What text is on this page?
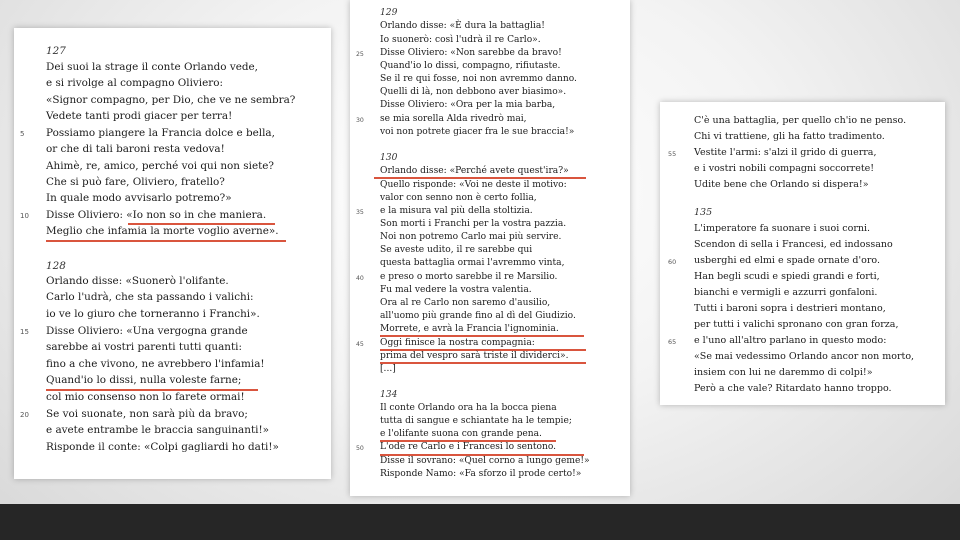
127
Dei suoi la strage il conte Orlando vede,
e si rivolge al compagno Oliviero:
«Signor compagno, per Dio, che ve ne sembra?
Vedete tanti prodi giacer per terra!
5 Possiamo piangere la Francia dolce e bella,
or che di tali baroni resta vedova!
Ahimè, re, amico, perché voi qui non siete?
Che si può fare, Oliviero, fratello?
In quale modo avvisarlo potremo?»
10 Disse Oliviero: «Io non so in che maniera.
Meglio che infamia la morte voglio averne».
128
Orlando disse: «Suonerò l'olifante.
Carlo l'udrà, che sta passando i valichi:
io ve lo giuro che torneranno i Franchi».
15 Disse Oliviero: «Una vergogna grande
sarebbe ai vostri parenti tutti quanti:
fino a che vivono, ne avrebbero l'infamia!
Quand'io lo dissi, nulla voleste farne;
col mio consenso non lo farete ormai!
20 Se voi suonate, non sarà più da bravo;
e avete entrambe le braccia sanguinanti!»
Risponde il conte: «Colpi gagliardi ho dati!»
129
Orlando disse: «È dura la battaglia!
Io suonerò: così l'udrà il re Carlo».
25 Disse Oliviero: «Non sarebbe da bravo!
Quand'io lo dissi, compagno, rifiutaste.
Se il re qui fosse, noi non avremmo danno.
Quelli di là, non debbono aver biasimo».
Disse Oliviero: «Ora per la mia barba,
30 se mia sorella Alda rivedrò mai,
voi non potrete giacer fra le sue braccia!»
130
Orlando disse: «Perché avete quest'ira?»
Quello risponde: «Voi ne deste il motivo:
valor con senno non è certo follia,
35 e la misura val più della stoltizia.
Son morti i Franchi per la vostra pazzia.
Noi non potremo Carlo mai più servire.
Se aveste udito, il re sarebbe qui
questa battaglia ormai l'avremmo vinta,
40 e preso o morto sarebbe il re Marsilio.
Fu mal vedere la vostra valentia.
Ora al re Carlo non saremo d'ausilio,
all'uomo più grande fino al dì del Giudizio.
Morrete, e avrà la Francia l'ignominia.
45 Oggi finisce la nostra compagnia:
prima del vespro sarà triste il dividerci».
[...]
134
Il conte Orlando ora ha la bocca piena
tutta di sangue e schiantate ha le tempie;
e l'olifante suona con grande pena.
50 L'ode re Carlo e i Francesi lo sentono.
Disse il sovrano: «Quel corno a lungo geme!»
Risponde Namo: «Fa sforzo il prode certo!»
C'è una battaglia, per quello ch'io ne penso.
Chi vi trattiene, gli ha fatto tradimento.
55 Vestite l'armi: s'alzi il grido di guerra,
e i vostri nobili compagni soccorrete!
Udite bene che Orlando si dispera!»
135
L'imperatore fa suonare i suoi corni.
Scendon di sella i Francesi, ed indossano
60 usberghi ed elmi e spade ornate d'oro.
Han begli scudi e spiedi grandi e forti,
bianchi e vermigli e azzurri gonfaloni.
Tutti i baroni sopra i destrieri montano,
per tutti i valichi spronano con gran forza,
65 e l'uno all'altro parlano in questo modo:
«Se mai vedessimo Orlando ancor non morto,
insiem con lui ne daremmo di colpi!»
Però a che vale? Ritardato hanno troppo.
